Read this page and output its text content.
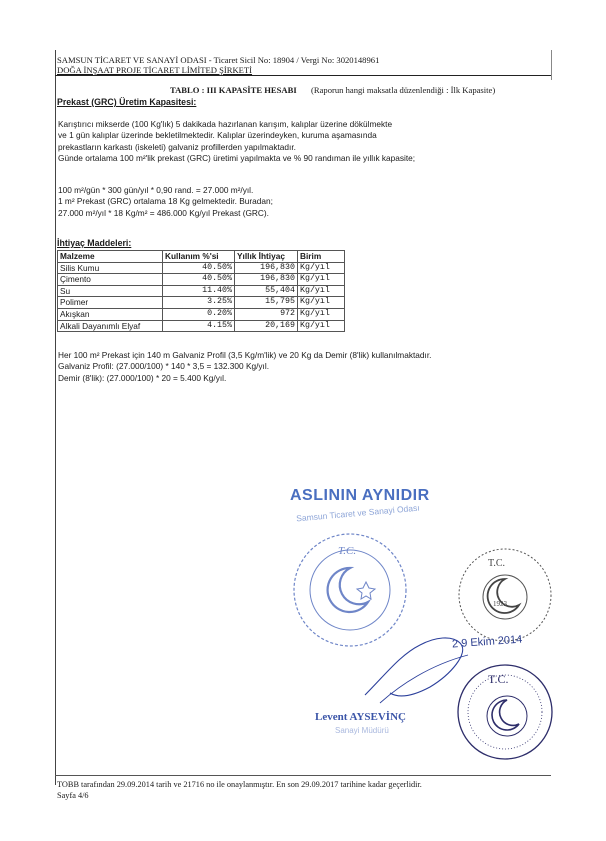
SAMSUN TİCARET VE SANAYİ ODASI - Ticaret Sicil No: 18904 / Vergi No: 3020148961
DOĞA İNŞAAT PROJE TİCARET LİMİTED ŞİRKETİ
TABLO : III KAPASİTE HESABI (Raporun hangi maksatla düzenlendiği : İlk Kapasite)
Prekast (GRC) Üretim Kapasitesi:
Karıştırıcı mikserde (100 Kg'lık) 5 dakikada hazırlanan karışım, kalıplar üzerine dökülmekte
ve 1 gün kalıplar üzerinde bekletilmektedir. Kalıplar üzerindeyken, kuruma aşamasında
prekastların karkastı (iskeleti) galvaniz profillerden yapılmaktadır.
Günde ortalama 100 m²'lik prekast (GRC) üretimi yapılmakta ve % 90 randıman ile yıllık kapasite;
100 m²/gün * 300 gün/yıl * 0,90 rand. = 27.000 m²/yıl.
1 m² Prekast (GRC) ortalama 18 Kg gelmektedir. Buradan;
27.000 m²/yıl * 18 Kg/m² = 486.000 Kg/yıl Prekast (GRC).
İhtiyaç Maddeleri:
Malzeme	Kullanım %'si	Yıllık İhtiyaç	Birim
Silis Kumu	40.50%	196,830	Kg/yıl
Çimento	40.50%	196,830	Kg/yıl
Su	11.40%	55,404	Kg/yıl
Polimer	3.25%	15,795	Kg/yıl
Akışkan	0.20%	972	Kg/yıl
Alkali Dayanımlı Elyaf	4.15%	20,169	Kg/yıl
Her 100 m² Prekast için 140 m Galvaniz Profil (3,5 Kg/m'lik) ve 20 Kg da Demir (8'lik) kullanılmaktadır.
Galvaniz Profil: (27.000/100) * 140 * 3,5 = 132.300 Kg/yıl.
Demir (8'lik): (27.000/100) * 20 = 5.400 Kg/yıl.
ASLININ AYNIDIR
Samsun Ticaret ve Sanayi Odası
T.C.
T.C.
1923
2 9 Ekim 2014
T.C.
Levent AYSEVİNÇ
Sanayi Müdürü
TOBB tarafından 29.09.2014 tarih ve 21716 no ile onaylanmıştır. En son 29.09.2017 tarihine kadar geçerlidir.
Sayfa 4/6
